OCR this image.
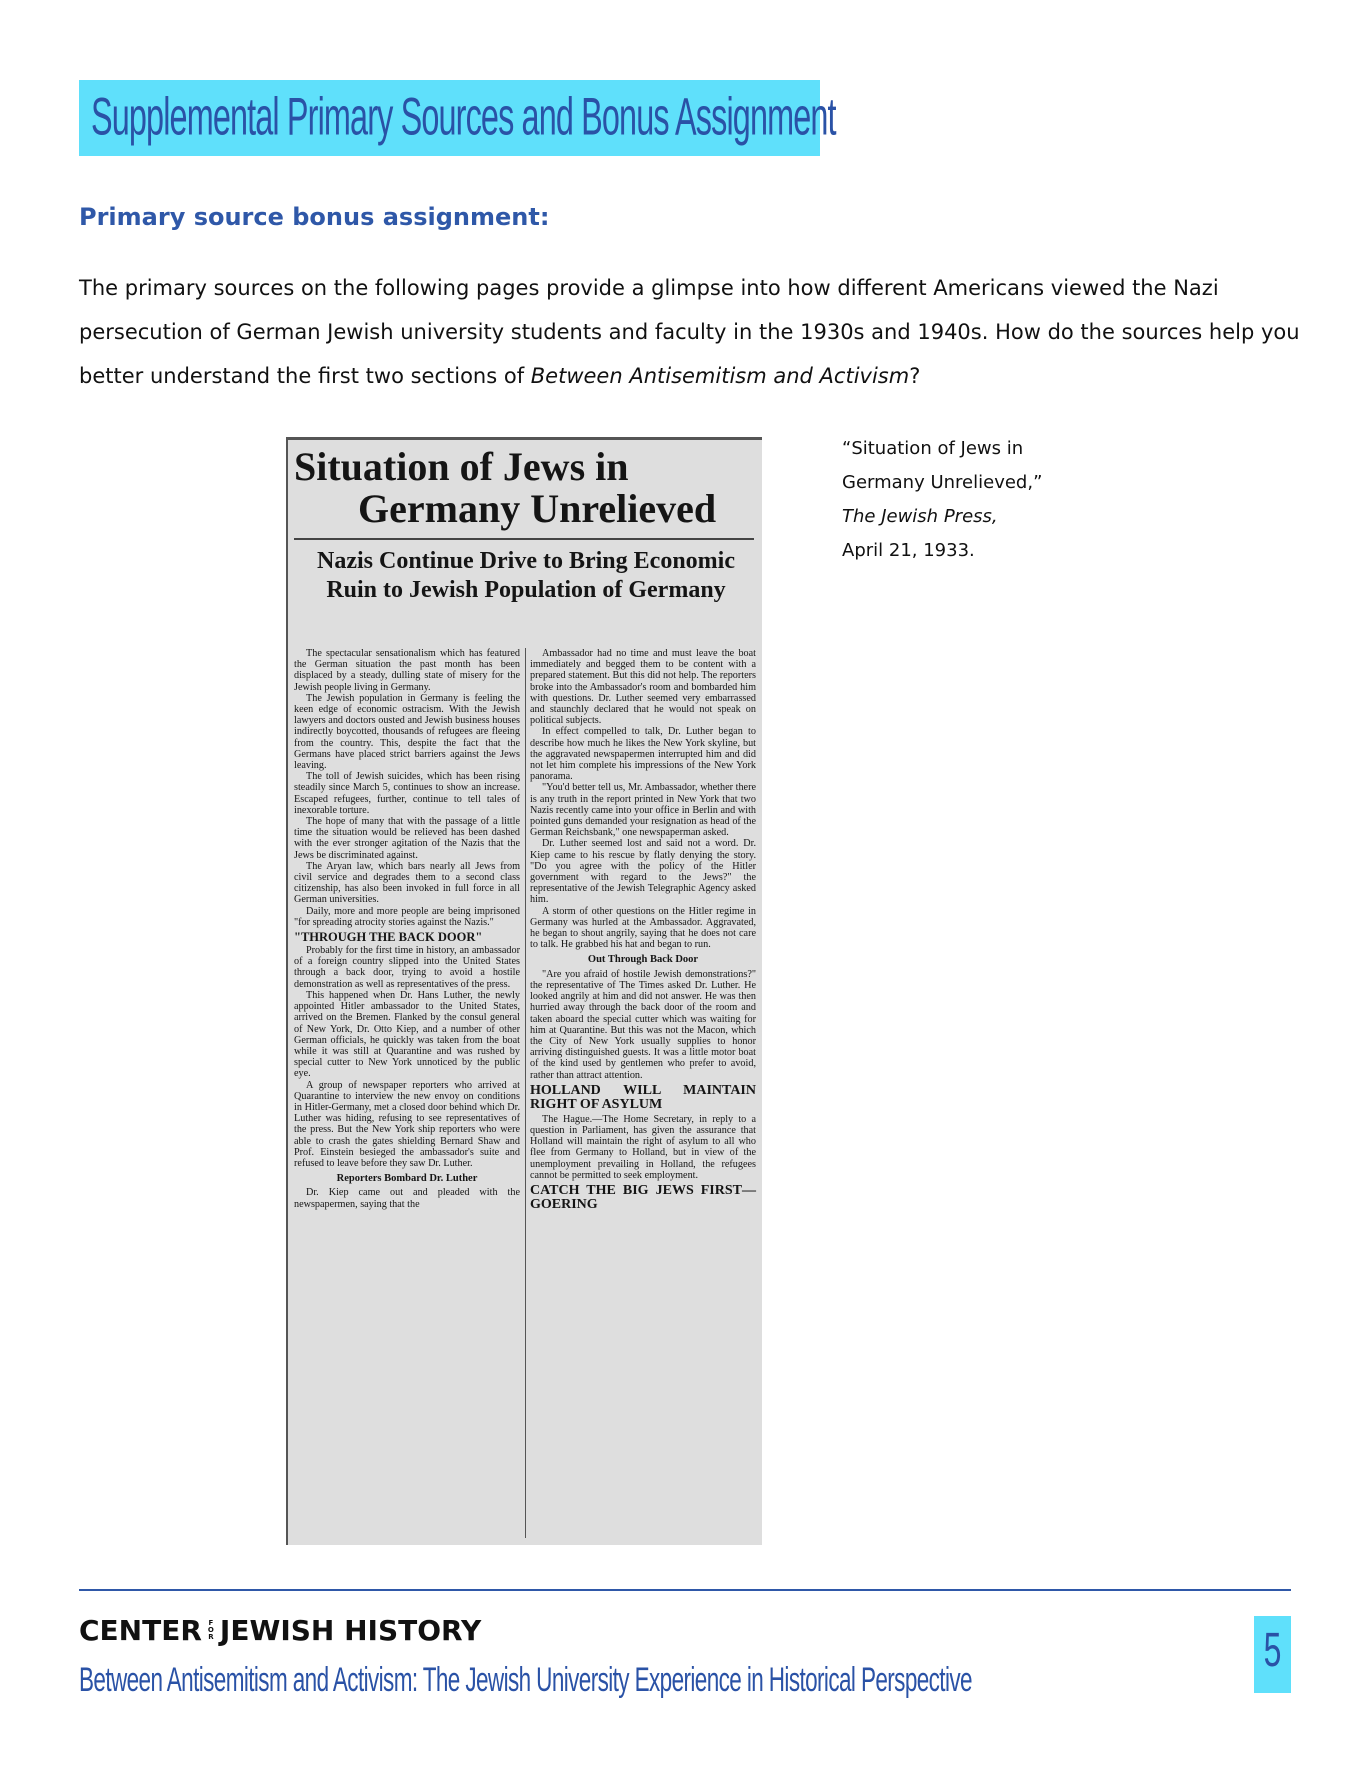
Supplemental Primary Sources and Bonus Assignment
Primary source bonus assignment:
The primary sources on the following pages provide a glimpse into how different Americans viewed the Nazi persecution of German Jewish university students and faculty in the 1930s and 1940s. How do the sources help you better understand the first two sections of Between Antisemitism and Activism?
Situation of Jews in
Germany Unrelieved
Nazis Continue Drive to Bring Economic Ruin to Jewish Population of Germany

The spectacular sensationalism which has featured the German situation the past month has been displaced by a steady, dulling state of misery for the Jewish people living in Germany.

The Jewish population in Germany is feeling the keen edge of economic ostracism. With the Jewish lawyers and doctors ousted and Jewish business houses indirectly boycotted, thousands of refugees are fleeing from the country. This, despite the fact that the Germans have placed strict barriers against the Jews leaving.

The toll of Jewish suicides, which has been rising steadily since March 5, continues to show an increase. Escaped refugees, further, continue to tell tales of inexorable torture.

The hope of many that with the passage of a little time the situation would be relieved has been dashed with the ever stronger agitation of the Nazis that the Jews be discriminated against.

The Aryan law, which bars nearly all Jews from civil service and degrades them to a second class citizenship, has also been invoked in full force in all German universities.

Daily, more and more people are being imprisoned "for spreading atrocity stories against the Nazis."

"THROUGH THE BACK DOOR"

Probably for the first time in history, an ambassador of a foreign country slipped into the United States through a back door, trying to avoid a hostile demonstration as well as representatives of the press.

This happened when Dr. Hans Luther, the newly appointed Hitler ambassador to the United States, arrived on the Bremen. Flanked by the consul general of New York, Dr. Otto Kiep, and a number of other German officials, he quickly was taken from the boat while it was still at Quarantine and was rushed by special cutter to New York unnoticed by the public eye.

A group of newspaper reporters who arrived at Quarantine to interview the new envoy on conditions in Hitler-Germany, met a closed door behind which Dr. Luther was hiding, refusing to see representatives of the press. But the New York ship reporters who were able to crash the gates shielding Bernard Shaw and Prof. Einstein besieged the ambassador's suite and refused to leave before they saw Dr. Luther.

Reporters Bombard Dr. Luther

Dr. Kiep came out and pleaded with the newspapermen, saying that the

Ambassador had no time and must leave the boat immediately and begged them to be content with a prepared statement. But this did not help. The reporters broke into the Ambassador's room and bombarded him with questions. Dr. Luther seemed very embarrassed and staunchly declared that he would not speak on political subjects.

In effect compelled to talk, Dr. Luther began to describe how much he likes the New York skyline, but the aggravated newspapermen interrupted him and did not let him complete his impressions of the New York panorama.

"You'd better tell us, Mr. Ambassador, whether there is any truth in the report printed in New York that two Nazis recently came into your office in Berlin and with pointed guns demanded your resignation as head of the German Reichsbank," one newspaperman asked.

Dr. Luther seemed lost and said not a word. Dr. Kiep came to his rescue by flatly denying the story. "Do you agree with the policy of the Hitler government with regard to the Jews?" the representative of the Jewish Telegraphic Agency asked him.

A storm of other questions on the Hitler regime in Germany was hurled at the Ambassador. Aggravated, he began to shout angrily, saying that he does not care to talk. He grabbed his hat and began to run.

Out Through Back Door

"Are you afraid of hostile Jewish demonstrations?" the representative of The Times asked Dr. Luther. He looked angrily at him and did not answer. He was then hurried away through the back door of the room and taken aboard the special cutter which was waiting for him at Quarantine. But this was not the Macon, which the City of New York usually supplies to honor arriving distinguished guests. It was a little motor boat of the kind used by gentlemen who prefer to avoid, rather than attract attention.

HOLLAND WILL MAINTAIN RIGHT OF ASYLUM

The Hague.—The Home Secretary, in reply to a question in Parliament, has given the assurance that Holland will maintain the right of asylum to all who flee from Germany to Holland, but in view of the unemployment prevailing in Holland, the refugees cannot be permitted to seek employment.

CATCH THE BIG JEWS FIRST—GOERING
“Situation of Jews in
Germany Unrelieved,”
The Jewish Press,
April 21, 1933.
CENTER F
O
R JEWISH HISTORY
Between Antisemitism and Activism: The Jewish University Experience in Historical Perspective
5
